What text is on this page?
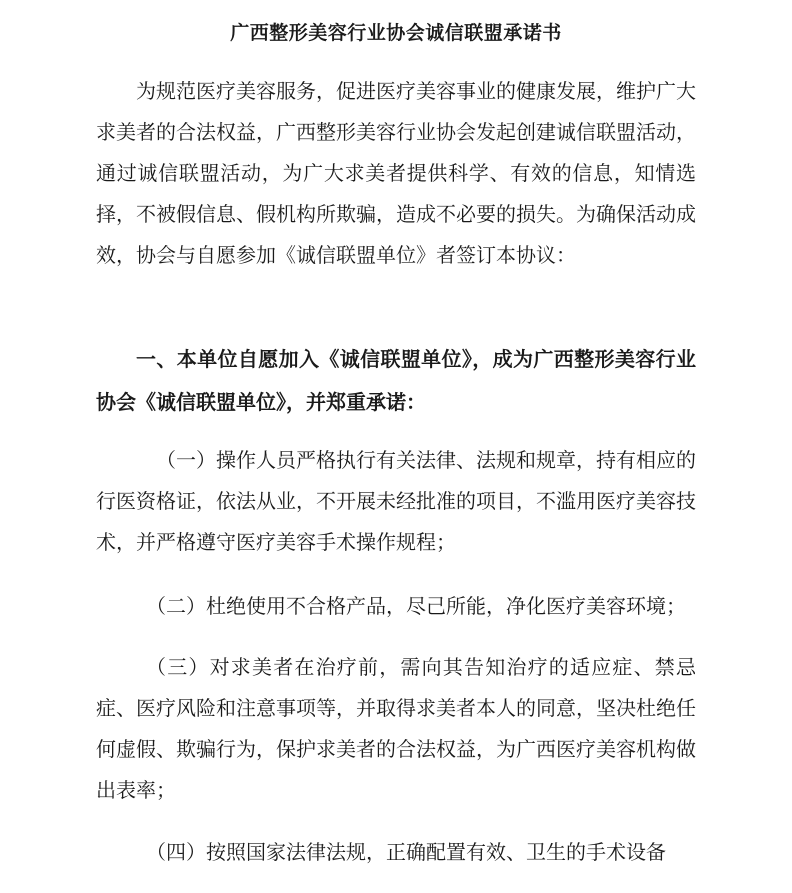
广西整形美容行业协会诚信联盟承诺书

为规范医疗美容服务，促进医疗美容事业的健康发展，维护广大求美者的合法权益，广西整形美容行业协会发起创建诚信联盟活动，通过诚信联盟活动，为广大求美者提供科学、有效的信息，知情选择，不被假信息、假机构所欺骗，造成不必要的损失。为确保活动成效，协会与自愿参加《诚信联盟单位》者签订本协议：

一、本单位自愿加入《诚信联盟单位》，成为广西整形美容行业协会《诚信联盟单位》，并郑重承诺：

（一）操作人员严格执行有关法律、法规和规章，持有相应的行医资格证，依法从业，不开展未经批准的项目，不滥用医疗美容技术，并严格遵守医疗美容手术操作规程；

（二）杜绝使用不合格产品，尽己所能，净化医疗美容环境；

（三）对求美者在治疗前，需向其告知治疗的适应症、禁忌症、医疗风险和注意事项等，并取得求美者本人的同意，坚决杜绝任何虚假、欺骗行为，保护求美者的合法权益，为广西医疗美容机构做出表率；

（四）按照国家法律法规，正确配置有效、卫生的手术设备
